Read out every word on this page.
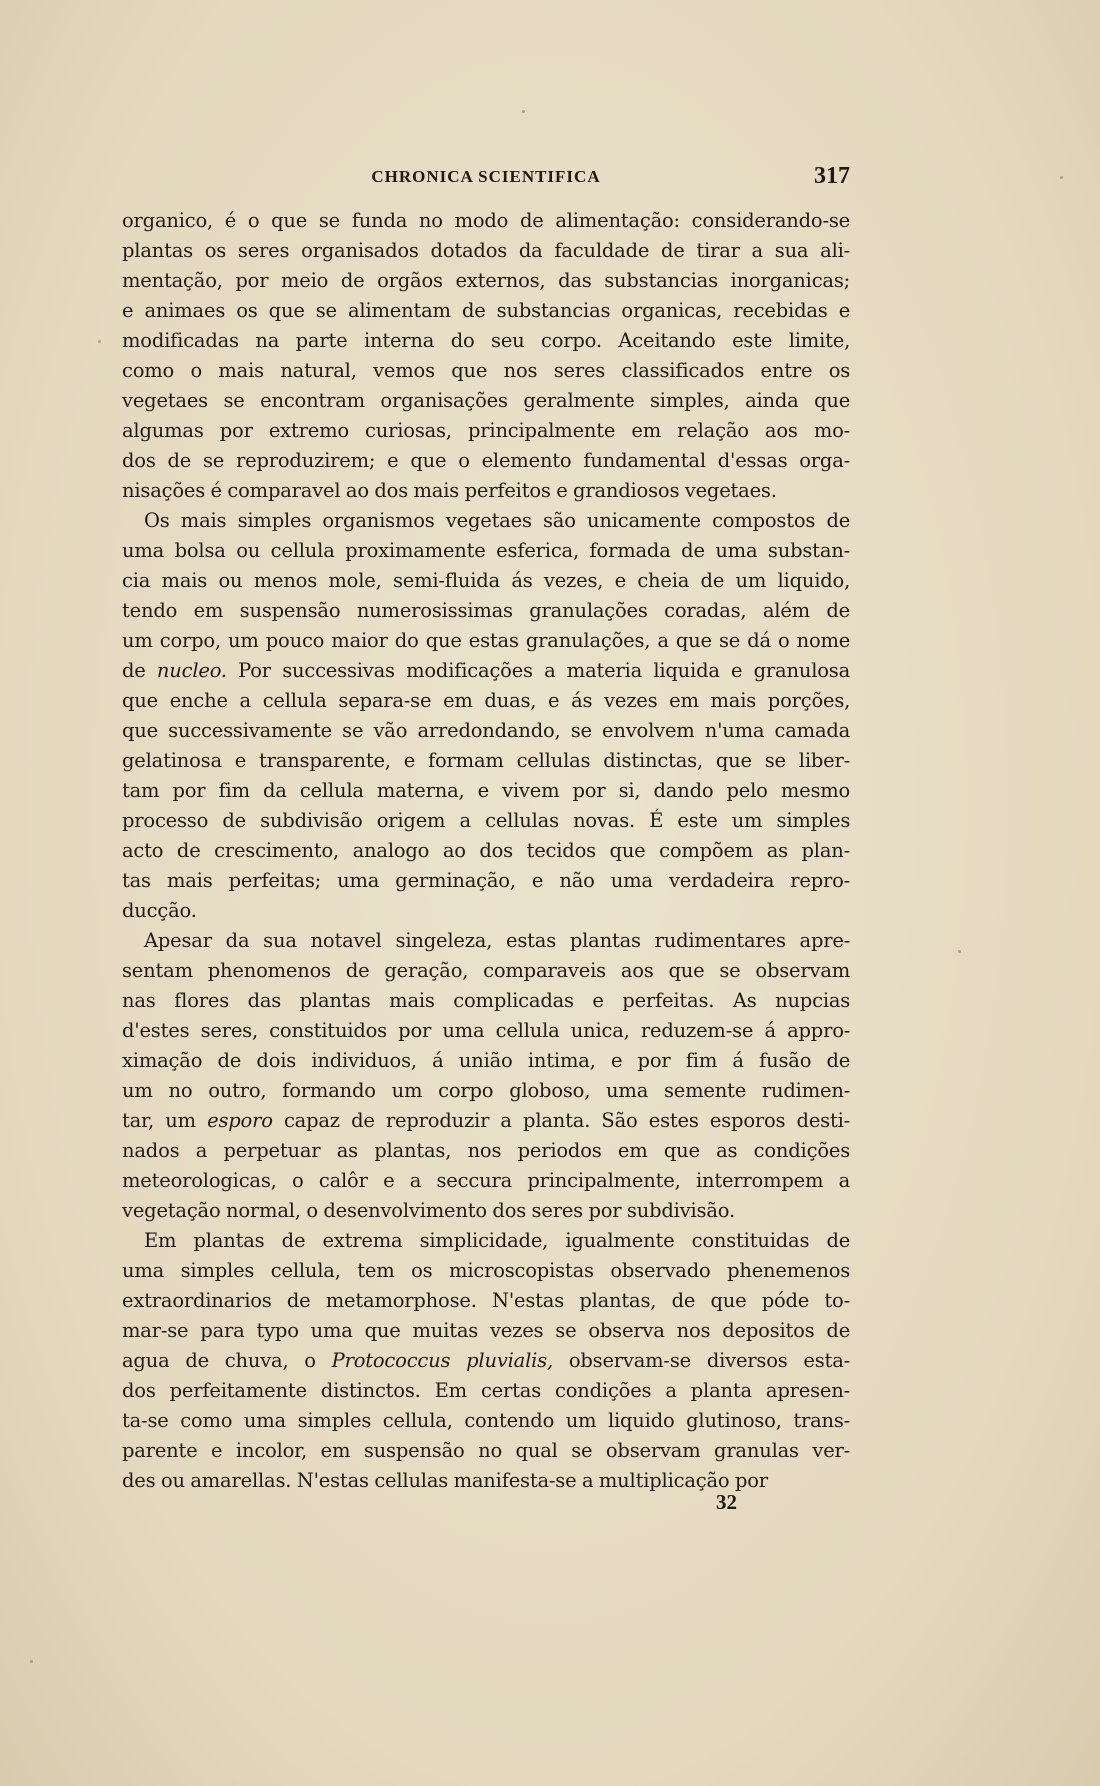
CHRONICA SCIENTIFICA	317
organico, é o que se funda no modo de alimentação: considerando-se
plantas os seres organisados dotados da faculdade de tirar a sua ali-
mentação, por meio de orgãos externos, das substancias inorganicas;
e animaes os que se alimentam de substancias organicas, recebidas e
modificadas na parte interna do seu corpo. Aceitando este limite,
como o mais natural, vemos que nos seres classificados entre os
vegetaes se encontram organisações geralmente simples, ainda que
algumas por extremo curiosas, principalmente em relação aos mo-
dos de se reproduzirem; e que o elemento fundamental d'essas orga-
nisações é comparavel ao dos mais perfeitos e grandiosos vegetaes.
Os mais simples organismos vegetaes são unicamente compostos de
uma bolsa ou cellula proximamente esferica, formada de uma substan-
cia mais ou menos mole, semi-fluida ás vezes, e cheia de um liquido,
tendo em suspensão numerosissimas granulações coradas, além de
um corpo, um pouco maior do que estas granulações, a que se dá o nome
de nucleo. Por successivas modificações a materia liquida e granulosa
que enche a cellula separa-se em duas, e ás vezes em mais porções,
que successivamente se vão arredondando, se envolvem n'uma camada
gelatinosa e transparente, e formam cellulas distinctas, que se liber-
tam por fim da cellula materna, e vivem por si, dando pelo mesmo
processo de subdivisão origem a cellulas novas. É este um simples
acto de crescimento, analogo ao dos tecidos que compõem as plan-
tas mais perfeitas; uma germinação, e não uma verdadeira repro-
ducção.
Apesar da sua notavel singeleza, estas plantas rudimentares apre-
sentam phenomenos de geração, comparaveis aos que se observam
nas flores das plantas mais complicadas e perfeitas. As nupcias
d'estes seres, constituidos por uma cellula unica, reduzem-se á appro-
ximação de dois individuos, á união intima, e por fim á fusão de
um no outro, formando um corpo globoso, uma semente rudimen-
tar, um esporo capaz de reproduzir a planta. São estes esporos desti-
nados a perpetuar as plantas, nos periodos em que as condições
meteorologicas, o calôr e a seccura principalmente, interrompem a
vegetação normal, o desenvolvimento dos seres por subdivisão.
Em plantas de extrema simplicidade, igualmente constituidas de
uma simples cellula, tem os microscopistas observado phenemenos
extraordinarios de metamorphose. N'estas plantas, de que póde to-
mar-se para typo uma que muitas vezes se observa nos depositos de
agua de chuva, o Protococcus pluvialis, observam-se diversos esta-
dos perfeitamente distinctos. Em certas condições a planta apresen-
ta-se como uma simples cellula, contendo um liquido glutinoso, trans-
parente e incolor, em suspensão no qual se observam granulas ver-
des ou amarellas. N'estas cellulas manifesta-se a multiplicação por
32
